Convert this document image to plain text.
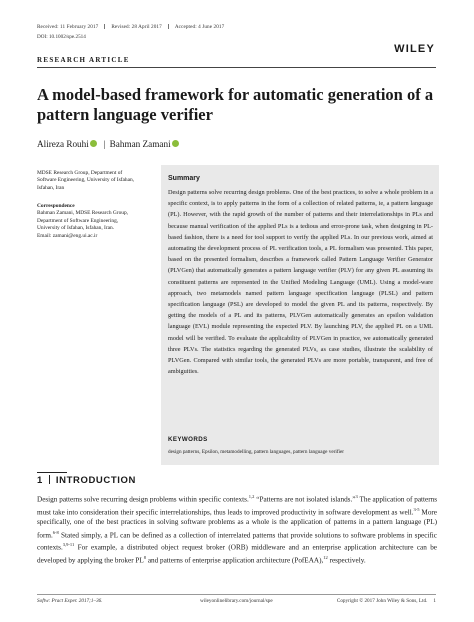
Received: 11 February 2017	Revised: 28 April 2017	Accepted: 4 June 2017
DOI: 10.1002/spe.2514
RESEARCH ARTICLE
WILEY
A model-based framework for automatic generation of a pattern language verifier
Alireza Rouhi | Bahman Zamani
MDSE Research Group, Department of
Software Engineering, University of Isfahan,
Isfahan, Iran
Correspondence
Bahman Zamani, MDSE Research Group,
Department of Software Engineering,
University of Isfahan, Isfahan, Iran.
Email: zamani@eng.ui.ac.ir
Summary
Design patterns solve recurring design problems. One of the best practices, to solve a whole problem in a specific context, is to apply patterns in the form of a collection of related patterns, ie, a pattern language (PL). However, with the rapid growth of the number of patterns and their interrelationships in PLs and because manual verification of the applied PLs is a tedious and error-prone task, when designing in PL-based fashion, there is a need for tool support to verify the applied PLs. In our previous work, aimed at automating the development process of PL verification tools, a PL formalism was presented. This paper, based on the presented formalism, describes a framework called Pattern Language Verifier Generator (PLVGen) that automatically generates a pattern language verifier (PLV) for any given PL assuming its constituent patterns are represented in the Unified Modeling Language (UML). Using a model-ware approach, two metamodels named pattern language specification language (PLSL) and pattern specification language (PSL) are developed to model the given PL and its patterns, respectively. By getting the models of a PL and its patterns, PLVGen automatically generates an epsilon validation language (EVL) module representing the expected PLV. By launching PLV, the applied PL on a UML model will be verified. To evaluate the applicability of PLVGen in practice, we automatically generated three PLVs. The statistics regarding the generated PLVs, as case studies, illustrate the scalability of PLVGen. Compared with similar tools, the generated PLVs are more portable, transparent, and free of ambiguities.
KEYWORDS
design patterns, Epsilon, metamodelling, pattern languages, pattern language verifier
1 INTRODUCTION
Design patterns solve recurring design problems within specific contexts.$^{1,2}$ “Patterns are not isolated islands.”$^3$ The application of patterns must take into consideration their specific interrelationships, thus leads to improved productivity in software development as well.$^{3-5}$ More specifically, one of the best practices in solving software problems as a whole is the application of patterns in a pattern language (PL) form.$^{6-8}$ Stated simply, a PL can be defined as a collection of interrelated patterns that provide solutions to software problems in specific contexts.$^{3,9-11}$ For example, a distributed object request broker (ORB) middleware and an enterprise application architecture can be developed by applying the broker $PL^8$ and patterns of enterprise application architecture (PofEAA),$^{12}$ respectively.
Softw: Pract Exper. 2017;1–36.	wileyonlinelibrary.com/journal/spe	Copyright © 2017 John Wiley & Sons, Ltd. 1
